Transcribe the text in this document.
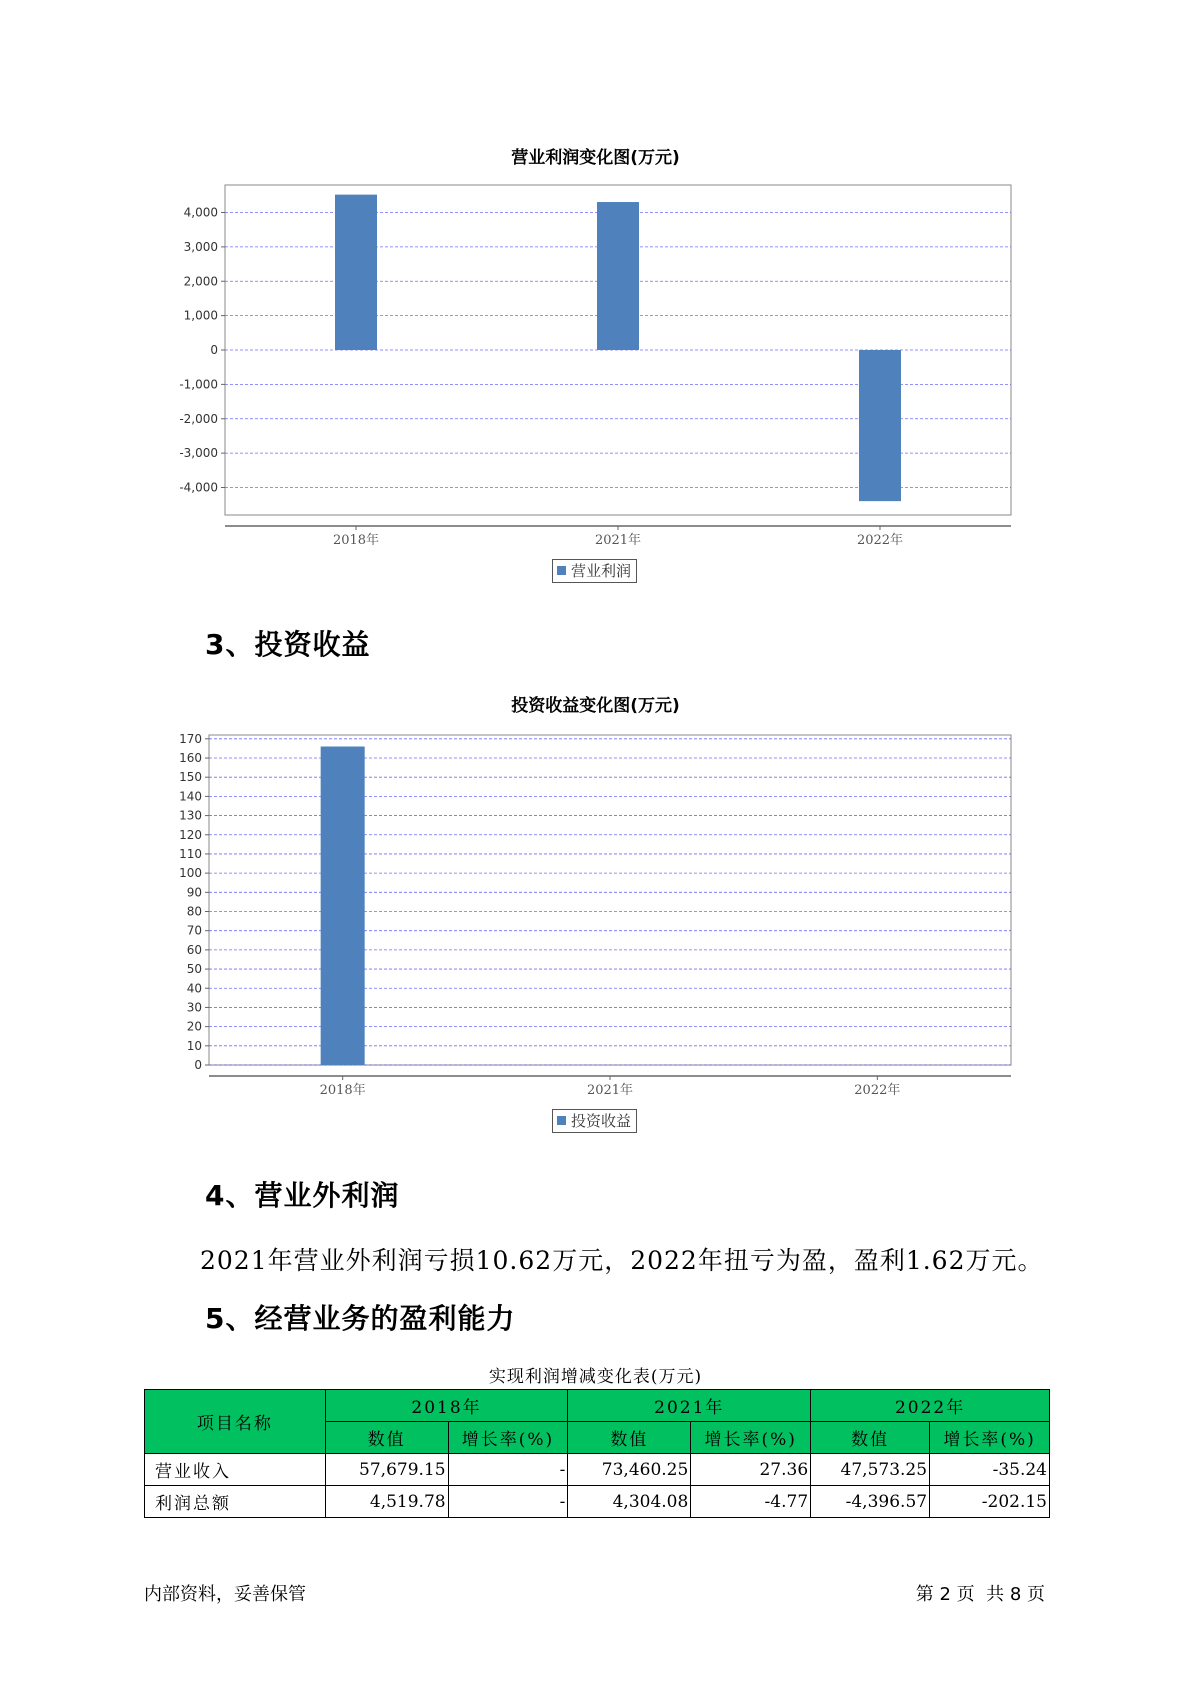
营业利润变化图(万元)
4,000
3,000
2,000
1,000
0
-1,000
-2,000
-3,000
-4,000
2018年	2021年	2022年
营业利润
3、投资收益
投资收益变化图(万元)
170
160
150
140
130
120
110
100
90
80
70
60
50
40
30
20
10
0
2018年	2021年	2022年
投资收益
4、营业外利润
2021年营业外利润亏损10.62万元，2022年扭亏为盈，盈利1.62万元。
5、经营业务的盈利能力
实现利润增减变化表(万元)
项目名称	2018年		2021年		2022年	
	数值	增长率(%)	数值	增长率(%)	数值	增长率(%)
营业收入	57,679.15	-	73,460.25	27.36	47,573.25	-35.24
利润总额	4,519.78	-	4,304.08	-4.77	-4,396.57	-202.15
内部资料，妥善保管	第 2 页  共 8 页
